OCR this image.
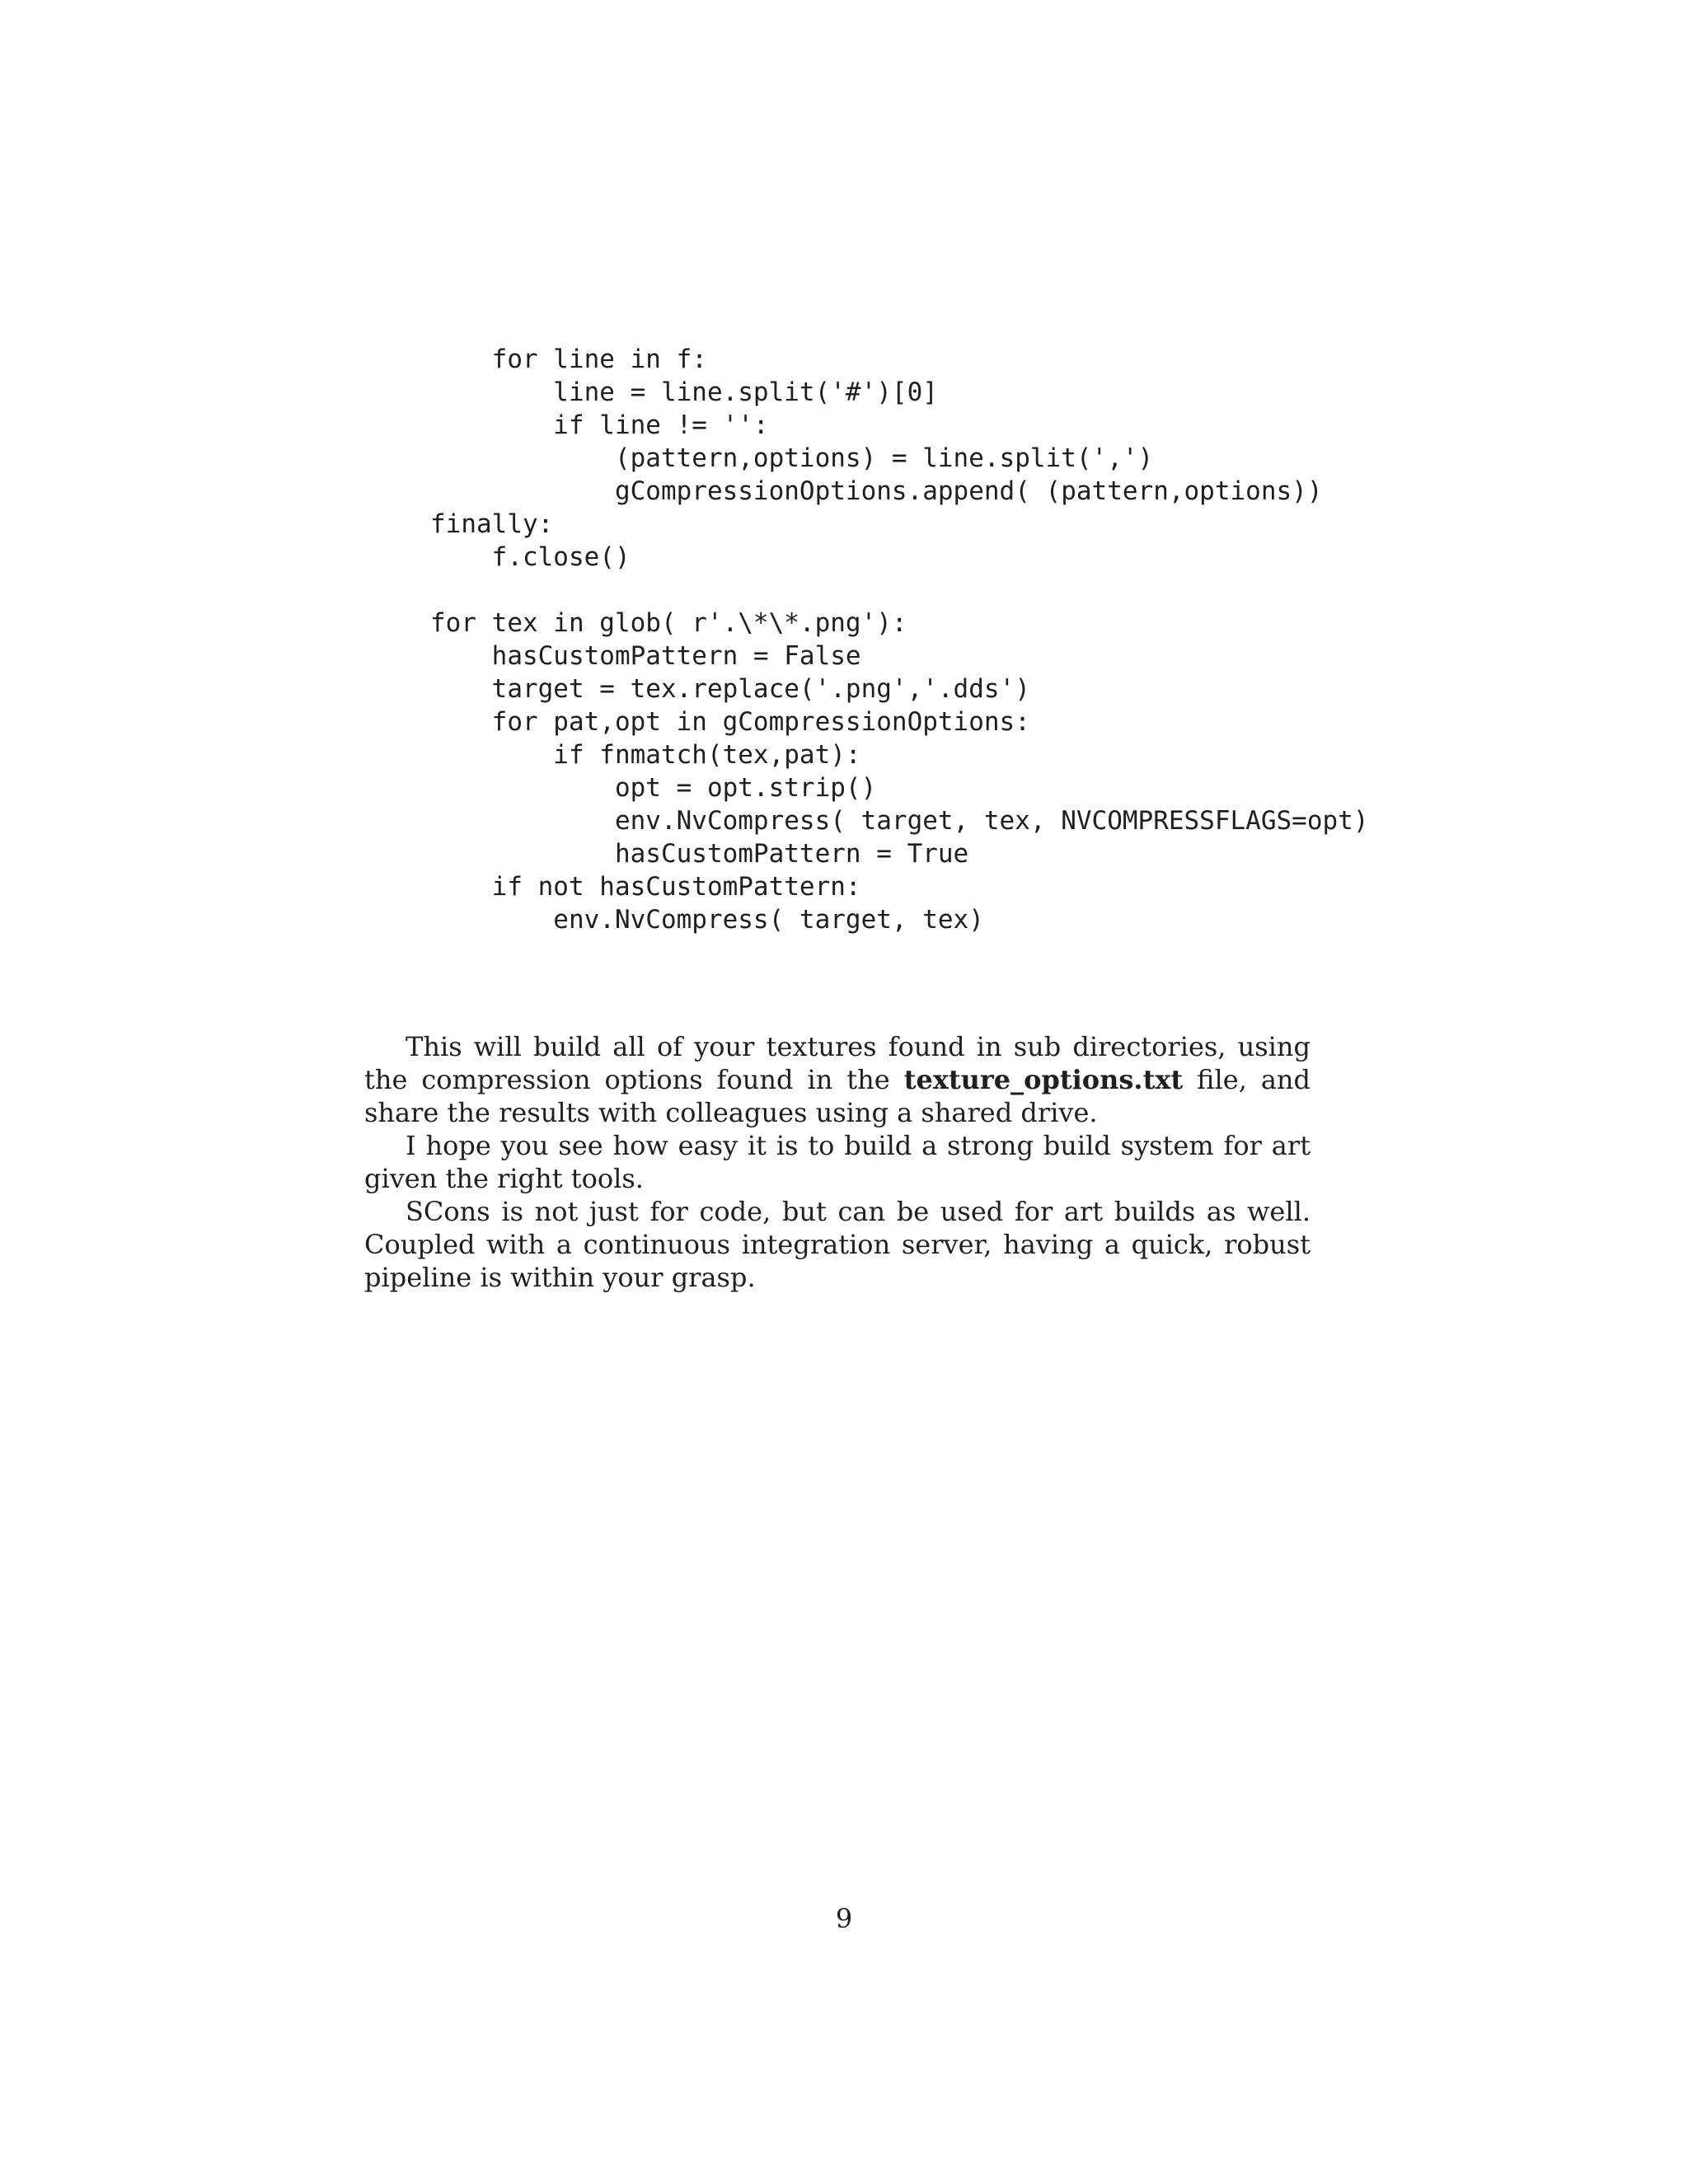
for line in f:
line = line.split('#')[0]
if line != '':
(pattern,options) = line.split(',')
gCompressionOptions.append( (pattern,options))
finally:
f.close()
for tex in glob( r'.\*\*.png'):
hasCustomPattern = False
target = tex.replace('.png','.dds')
for pat,opt in gCompressionOptions:
if fnmatch(tex,pat):
opt = opt.strip()
env.NvCompress( target, tex, NVCOMPRESSFLAGS=opt)
hasCustomPattern = True
if not hasCustomPattern:
env.NvCompress( target, tex)

This will build all of your textures found in sub directories, using the compression options found in the texture_options.txt file, and share the results with colleagues using a shared drive.

I hope you see how easy it is to build a strong build system for art given the right tools.

SCons is not just for code, but can be used for art builds as well. Coupled with a continuous integration server, having a quick, robust pipeline is within your grasp.

9
